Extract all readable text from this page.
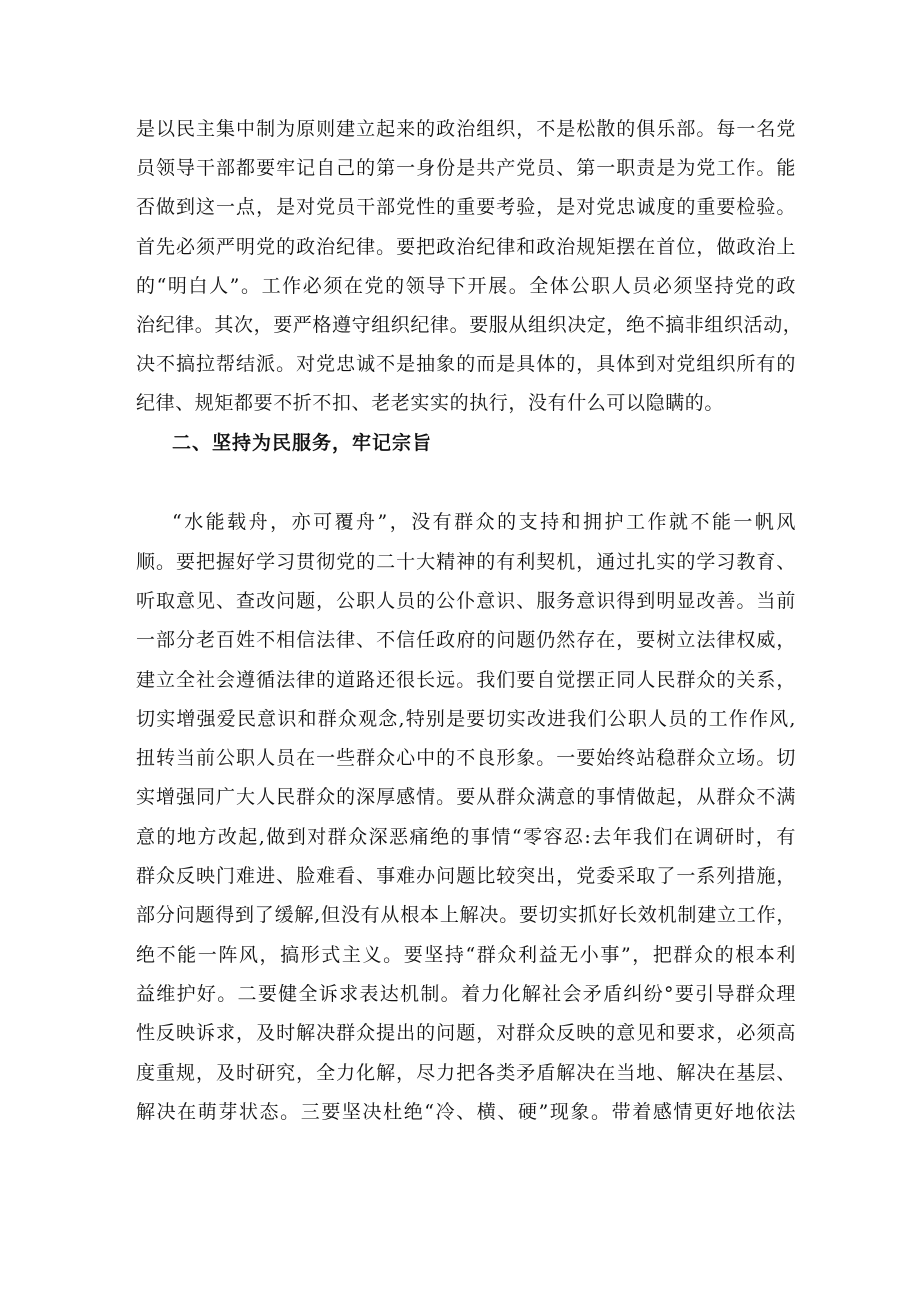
是以民主集中制为原则建立起来的政治组织，不是松散的俱乐部。每一名党
员领导干部都要牢记自己的第一身份是共产党员、第一职责是为党工作。能
否做到这一点，是对党员干部党性的重要考验，是对党忠诚度的重要检验。
首先必须严明党的政治纪律。要把政治纪律和政治规矩摆在首位，做政治上
的“明白人”。工作必须在党的领导下开展。全体公职人员必须坚持党的政
治纪律。其次，要严格遵守组织纪律。要服从组织决定，绝不搞非组织活动，
决不搞拉帮结派。对党忠诚不是抽象的而是具体的，具体到对党组织所有的
纪律、规矩都要不折不扣、老老实实的执行，没有什么可以隐瞒的。
二、坚持为民服务，牢记宗旨
“水能载舟，亦可覆舟”，没有群众的支持和拥护工作就不能一帆风
顺。要把握好学习贯彻党的二十大精神的有利契机，通过扎实的学习教育、
听取意见、查改问题，公职人员的公仆意识、服务意识得到明显改善。当前
一部分老百姓不相信法律、不信任政府的问题仍然存在，要树立法律权威，
建立全社会遵循法律的道路还很长远。我们要自觉摆正同人民群众的关系，
切实增强爱民意识和群众观念,特别是要切实改进我们公职人员的工作作风,
扭转当前公职人员在一些群众心中的不良形象。一要始终站稳群众立场。切
实增强同广大人民群众的深厚感情。要从群众满意的事情做起，从群众不满
意的地方改起,做到对群众深恶痛绝的事情“零容忍:去年我们在调研时，有
群众反映门难进、脸难看、事难办问题比较突出，党委采取了一系列措施，
部分问题得到了缓解,但没有从根本上解决。要切实抓好长效机制建立工作，
绝不能一阵风，搞形式主义。要坚持“群众利益无小事”，把群众的根本利
益维护好。二要健全诉求表达机制。着力化解社会矛盾纠纷°要引导群众理
性反映诉求，及时解决群众提出的问题，对群众反映的意见和要求，必须高
度重规，及时研究，全力化解，尽力把各类矛盾解决在当地、解决在基层、
解决在萌芽状态。三要坚决杜绝“冷、横、硬”现象。带着感情更好地依法
